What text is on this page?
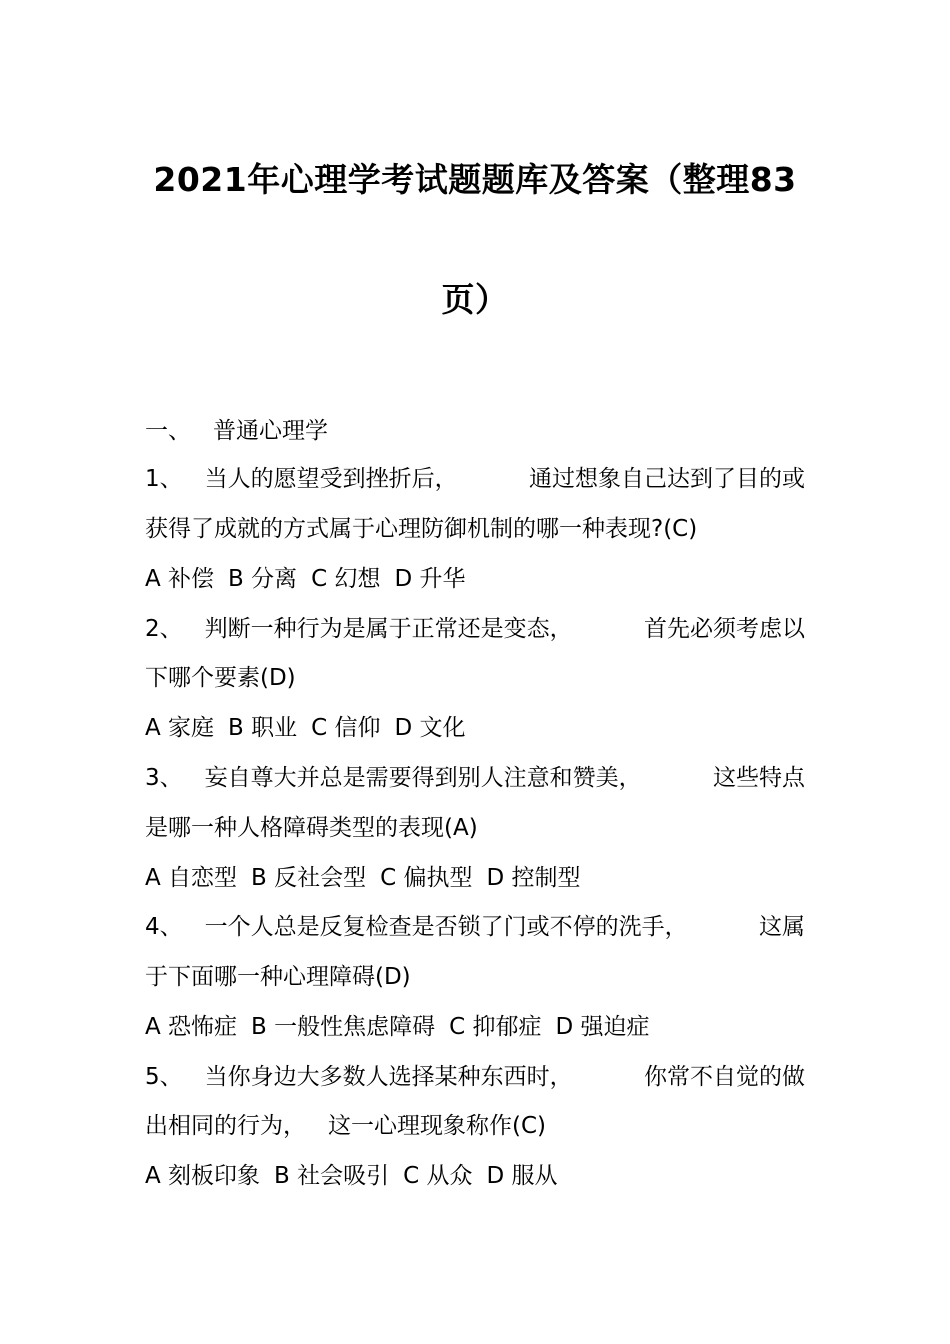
2021年心理学考试题题库及答案（整理83
页）
一、 普通心理学
1、 当人的愿望受到挫折后，	通过想象自己达到了目的或
获得了成就的方式属于心理防御机制的哪一种表现?(C)
A 补偿 B 分离 C 幻想 D 升华
2、 判断一种行为是属于正常还是变态，	首先必须考虑以
下哪个要素(D)
A 家庭 B 职业 C 信仰 D 文化
3、 妄自尊大并总是需要得到别人注意和赞美，	这些特点
是哪一种人格障碍类型的表现(A)
A 自恋型 B 反社会型 C 偏执型 D 控制型
4、 一个人总是反复检查是否锁了门或不停的洗手，	这属
于下面哪一种心理障碍(D)
A 恐怖症 B 一般性焦虑障碍 C 抑郁症 D 强迫症
5、 当你身边大多数人选择某种东西时，	你常不自觉的做
出相同的行为， 这一心理现象称作(C)
A 刻板印象 B 社会吸引 C 从众 D 服从
